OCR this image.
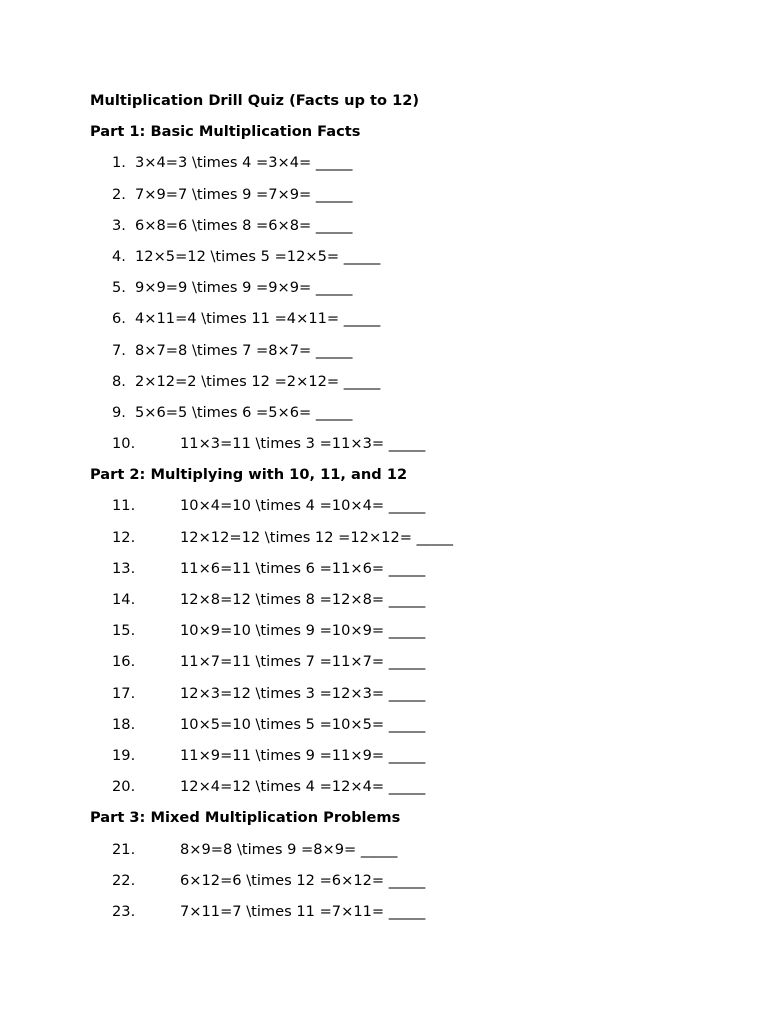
Multiplication Drill Quiz (Facts up to 12)
Part 1: Basic Multiplication Facts
1. 3×4=3 \times 4 =3×4= _____
2. 7×9=7 \times 9 =7×9= _____
3. 6×8=6 \times 8 =6×8= _____
4. 12×5=12 \times 5 =12×5= _____
5. 9×9=9 \times 9 =9×9= _____
6. 4×11=4 \times 11 =4×11= _____
7. 8×7=8 \times 7 =8×7= _____
8. 2×12=2 \times 12 =2×12= _____
9. 5×6=5 \times 6 =5×6= _____
10.	11×3=11 \times 3 =11×3= _____
Part 2: Multiplying with 10, 11, and 12
11.	10×4=10 \times 4 =10×4= _____
12.	12×12=12 \times 12 =12×12= _____
13.	11×6=11 \times 6 =11×6= _____
14.	12×8=12 \times 8 =12×8= _____
15.	10×9=10 \times 9 =10×9= _____
16.	11×7=11 \times 7 =11×7= _____
17.	12×3=12 \times 3 =12×3= _____
18.	10×5=10 \times 5 =10×5= _____
19.	11×9=11 \times 9 =11×9= _____
20.	12×4=12 \times 4 =12×4= _____
Part 3: Mixed Multiplication Problems
21.	8×9=8 \times 9 =8×9= _____
22.	6×12=6 \times 12 =6×12= _____
23.	7×11=7 \times 11 =7×11= _____
